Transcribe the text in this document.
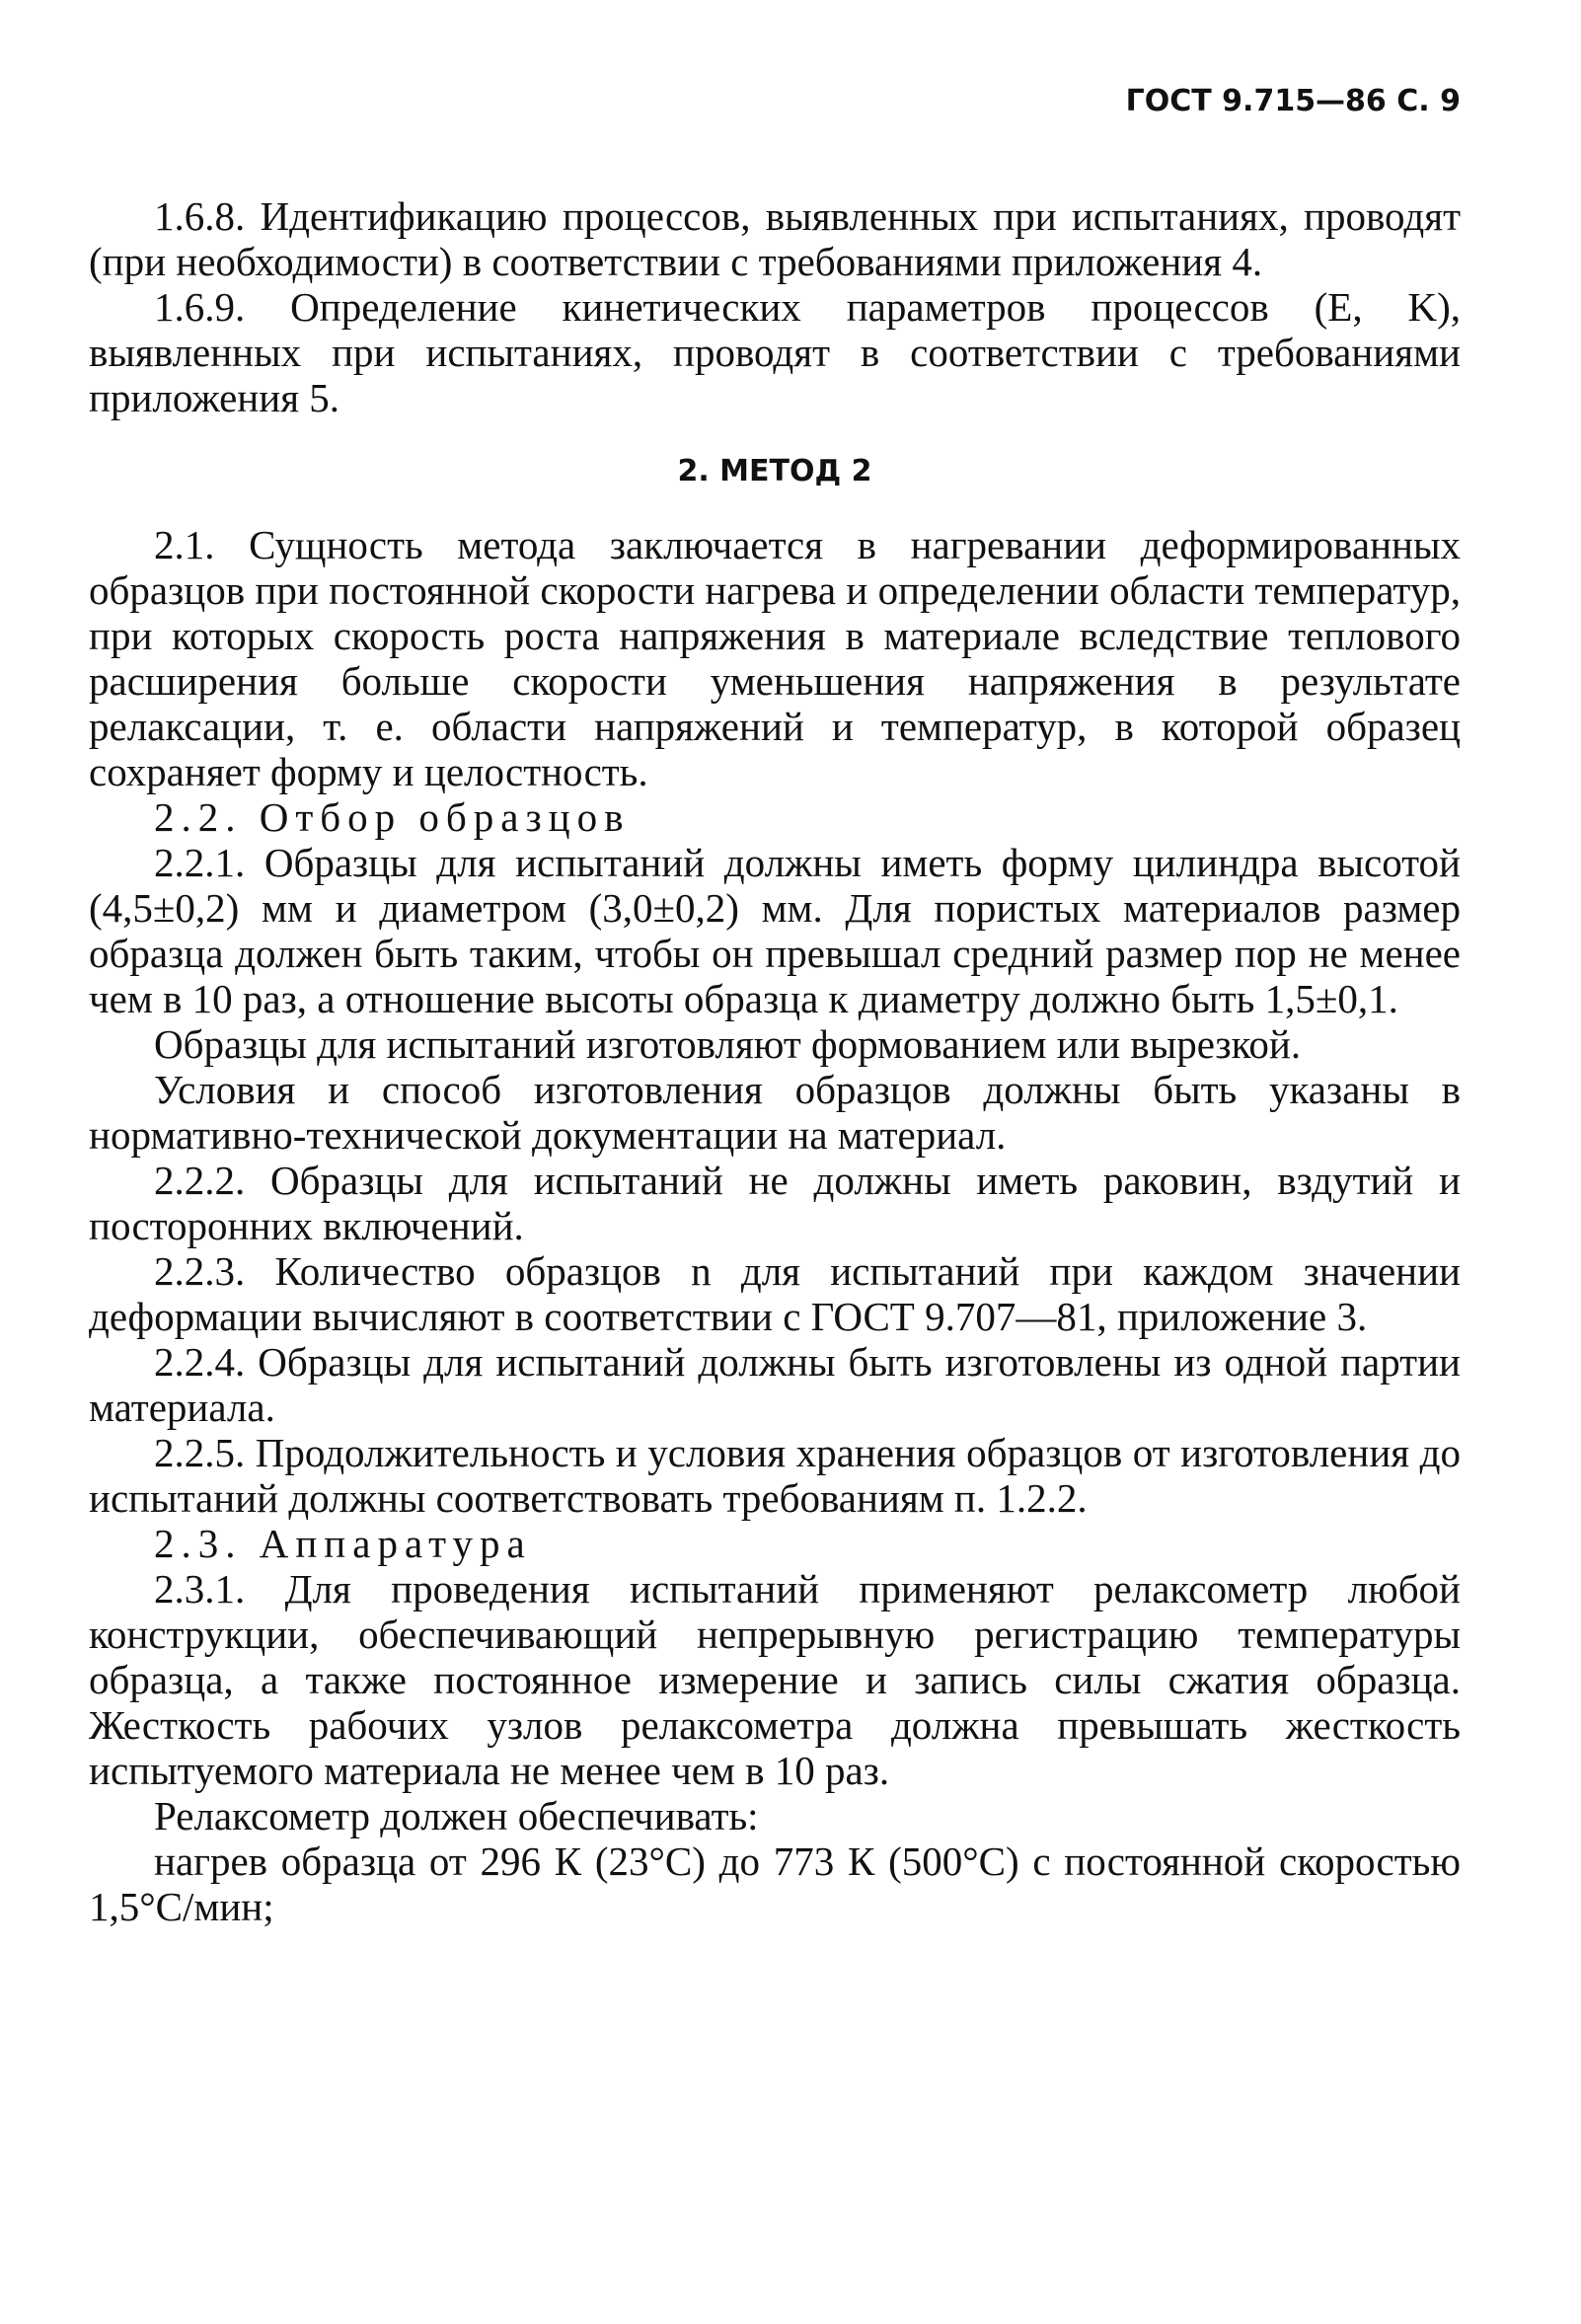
ГОСТ 9.715—86 С. 9

1.6.8. Идентификацию процессов, выявленных при испытаниях, проводят (при необходимости) в соответствии с требованиями приложения 4.

1.6.9. Определение кинетических параметров процессов (E, K), выявленных при испытаниях, проводят в соответствии с требованиями приложения 5.

2. МЕТОД 2

2.1. Сущность метода заключается в нагревании деформированных образцов при постоянной скорости нагрева и определении области температур, при которых скорость роста напряжения в материале вследствие теплового расширения больше скорости уменьшения напряжения в результате релаксации, т. е. области напряжений и температур, в которой образец сохраняет форму и целостность.

2.2. Отбор образцов

2.2.1. Образцы для испытаний должны иметь форму цилиндра высотой (4,5±0,2) мм и диаметром (3,0±0,2) мм. Для пористых материалов размер образца должен быть таким, чтобы он превышал средний размер пор не менее чем в 10 раз, а отношение высоты образца к диаметру должно быть 1,5±0,1.

Образцы для испытаний изготовляют формованием или вырезкой.

Условия и способ изготовления образцов должны быть указаны в нормативно-технической документации на материал.

2.2.2. Образцы для испытаний не должны иметь раковин, вздутий и посторонних включений.

2.2.3. Количество образцов n для испытаний при каждом значении деформации вычисляют в соответствии с ГОСТ 9.707—81, приложение 3.

2.2.4. Образцы для испытаний должны быть изготовлены из одной партии материала.

2.2.5. Продолжительность и условия хранения образцов от изготовления до испытаний должны соответствовать требованиям п. 1.2.2.

2.3. Аппаратура

2.3.1. Для проведения испытаний применяют релаксометр любой конструкции, обеспечивающий непрерывную регистрацию температуры образца, а также постоянное измерение и запись силы сжатия образца. Жесткость рабочих узлов релаксометра должна превышать жесткость испытуемого материала не менее чем в 10 раз.

Релаксометр должен обеспечивать:

нагрев образца от 296 К (23°C) до 773 К (500°C) с постоянной скоростью 1,5°C/мин;
